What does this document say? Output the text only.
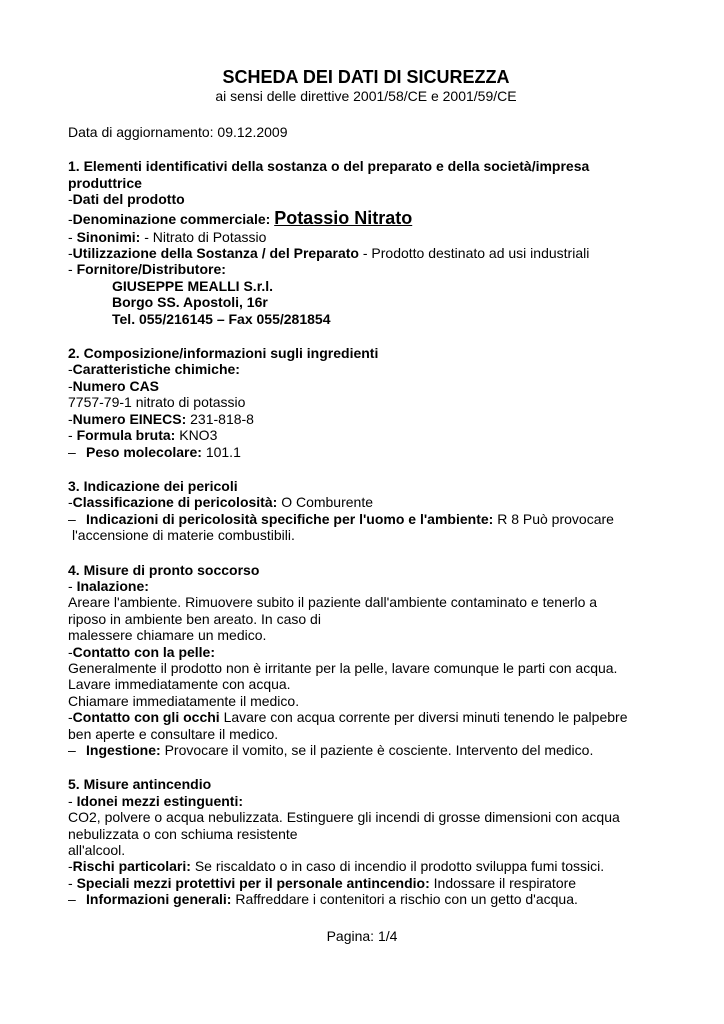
SCHEDA DEI DATI DI SICUREZZA
ai sensi delle direttive 2001/58/CE e 2001/59/CE
Data di aggiornamento: 09.12.2009
1. Elementi identificativi della sostanza o del preparato e della società/impresa produttrice
-Dati del prodotto
-Denominazione commerciale: Potassio Nitrato
- Sinonimi: - Nitrato di Potassio
-Utilizzazione della Sostanza / del Preparato - Prodotto destinato ad usi industriali
- Fornitore/Distributore:
GIUSEPPE MEALLI S.r.l.
Borgo SS. Apostoli, 16r
Tel. 055/216145 – Fax 055/281854
2. Composizione/informazioni sugli ingredienti
-Caratteristiche chimiche:
-Numero CAS
7757-79-1 nitrato di potassio
-Numero EINECS: 231-818-8
- Formula bruta: KNO3
– Peso molecolare: 101.1
3. Indicazione dei pericoli
-Classificazione di pericolosità: O Comburente
– Indicazioni di pericolosità specifiche per l'uomo e l'ambiente: R 8 Può provocare
l'accensione di materie combustibili.
4. Misure di pronto soccorso
- Inalazione:
Areare l'ambiente. Rimuovere subito il paziente dall'ambiente contaminato e tenerlo a
riposo in ambiente ben areato. In caso di
malessere chiamare un medico.
-Contatto con la pelle:
Generalmente il prodotto non è irritante per la pelle, lavare comunque le parti con acqua.
Lavare immediatamente con acqua.
Chiamare immediatamente il medico.
-Contatto con gli occhi Lavare con acqua corrente per diversi minuti tenendo le palpebre
ben aperte e consultare il medico.
– Ingestione: Provocare il vomito, se il paziente è cosciente. Intervento del medico.
5. Misure antincendio
- Idonei mezzi estinguenti:
CO2, polvere o acqua nebulizzata. Estinguere gli incendi di grosse dimensioni con acqua
nebulizzata o con schiuma resistente
all'alcool.
-Rischi particolari: Se riscaldato o in caso di incendio il prodotto sviluppa fumi tossici.
- Speciali mezzi protettivi per il personale antincendio: Indossare il respiratore
– Informazioni generali: Raffreddare i contenitori a rischio con un getto d'acqua.
Pagina: 1/4
